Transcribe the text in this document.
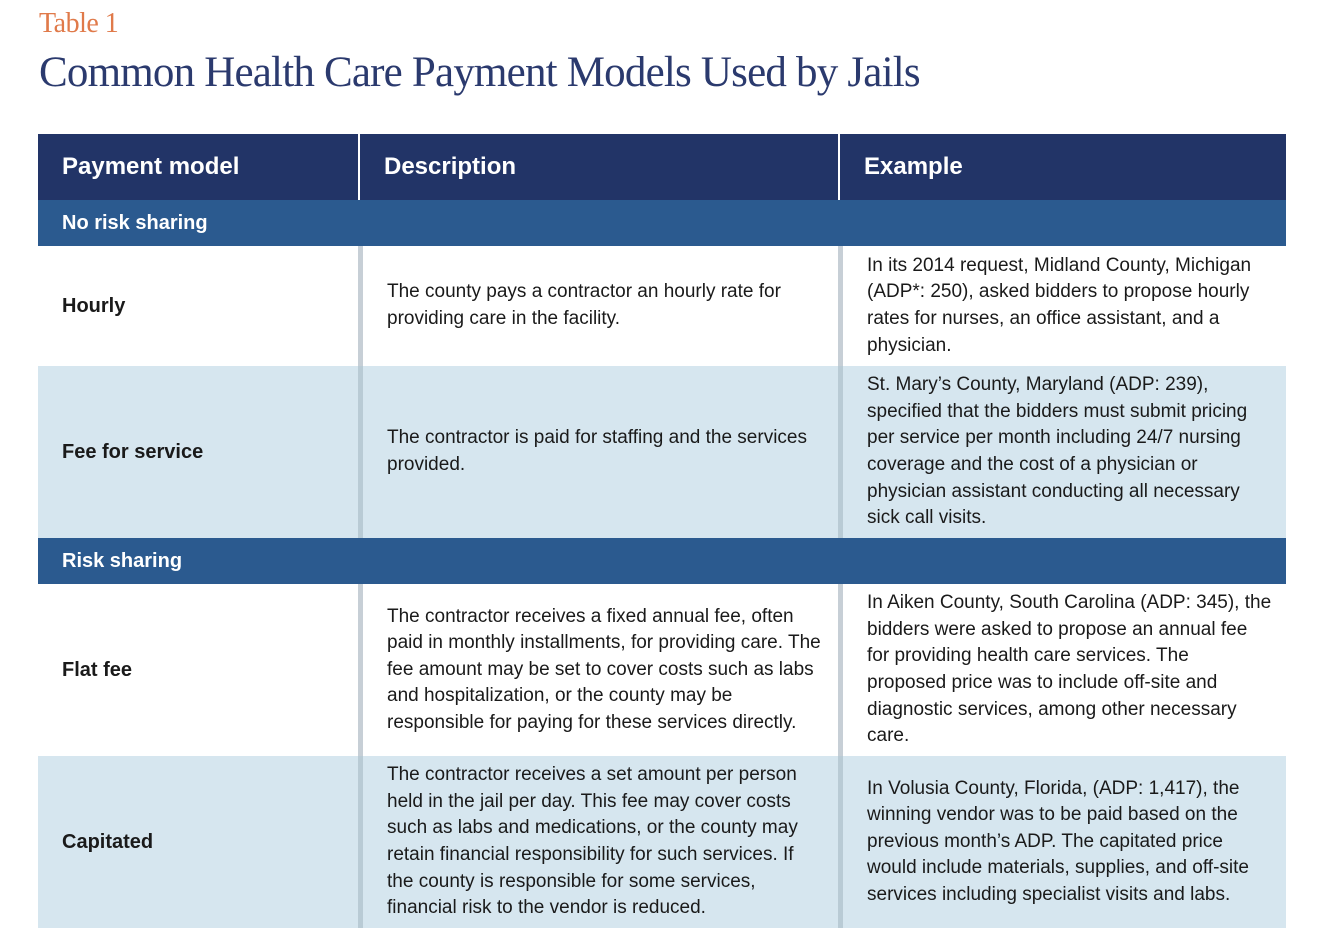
Table 1
Common Health Care Payment Models Used by Jails
Payment model	Description	Example
No risk sharing
Hourly
The county pays a contractor an hourly rate for providing care in the facility.
In its 2014 request, Midland County, Michigan (ADP*: 250), asked bidders to propose hourly rates for nurses, an office assistant, and a physician.
Fee for service
The contractor is paid for staffing and the services provided.
St. Mary’s County, Maryland (ADP: 239), specified that the bidders must submit pricing per service per month including 24/7 nursing coverage and the cost of a physician or physician assistant conducting all necessary sick call visits.
Risk sharing
Flat fee
The contractor receives a fixed annual fee, often paid in monthly installments, for providing care. The fee amount may be set to cover costs such as labs and hospitalization, or the county may be responsible for paying for these services directly.
In Aiken County, South Carolina (ADP: 345), the bidders were asked to propose an annual fee for providing health care services. The proposed price was to include off-site and diagnostic services, among other necessary care.
Capitated
The contractor receives a set amount per person held in the jail per day. This fee may cover costs such as labs and medications, or the county may retain financial responsibility for such services. If the county is responsible for some services, financial risk to the vendor is reduced.
In Volusia County, Florida, (ADP: 1,417), the winning vendor was to be paid based on the previous month’s ADP. The capitated price would include materials, supplies, and off-site services including specialist visits and labs.
